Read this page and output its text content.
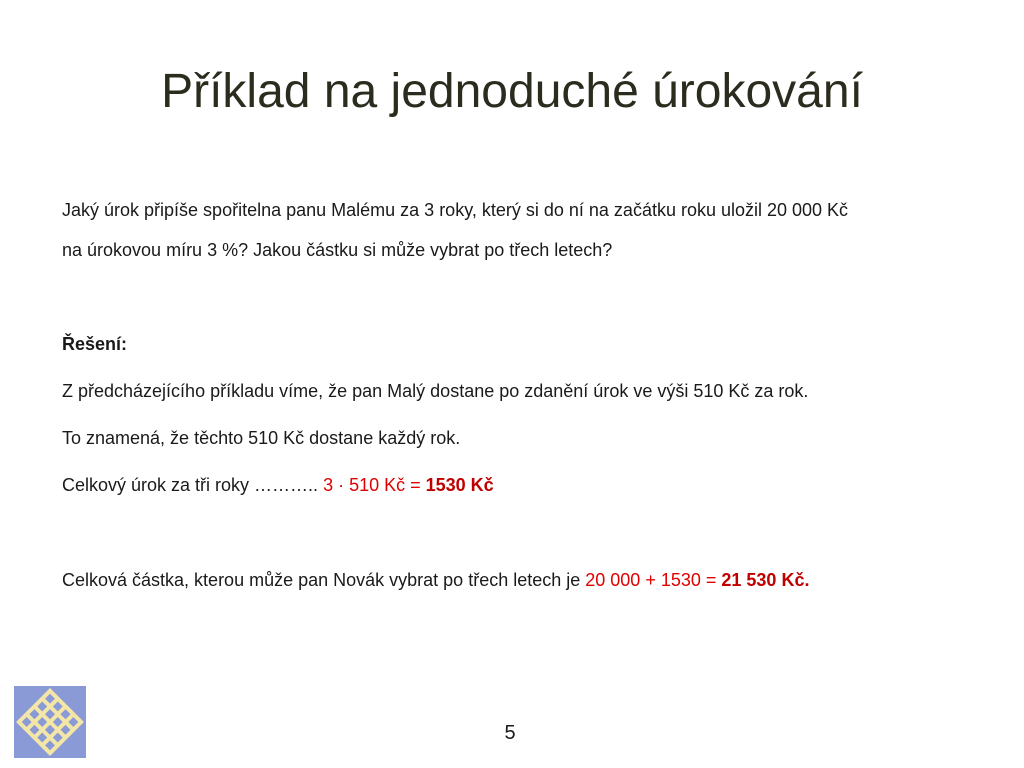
Příklad na jednoduché úrokování

Jaký úrok připíše spořitelna panu Malému za 3 roky, který si do ní na začátku roku uložil 20 000 Kč

na úrokovou míru 3 %? Jakou částku si může vybrat po třech letech?

Řešení:

Z předcházejícího příkladu víme, že pan Malý dostane po zdanění úrok ve výši 510 Kč za rok.

To znamená, že těchto 510 Kč dostane každý rok.

Celkový úrok za tři roky ……….. 3 · 510 Kč = 1530 Kč

Celková částka, kterou může pan Novák vybrat po třech letech je 20 000 + 1530 = 21 530 Kč.

5
